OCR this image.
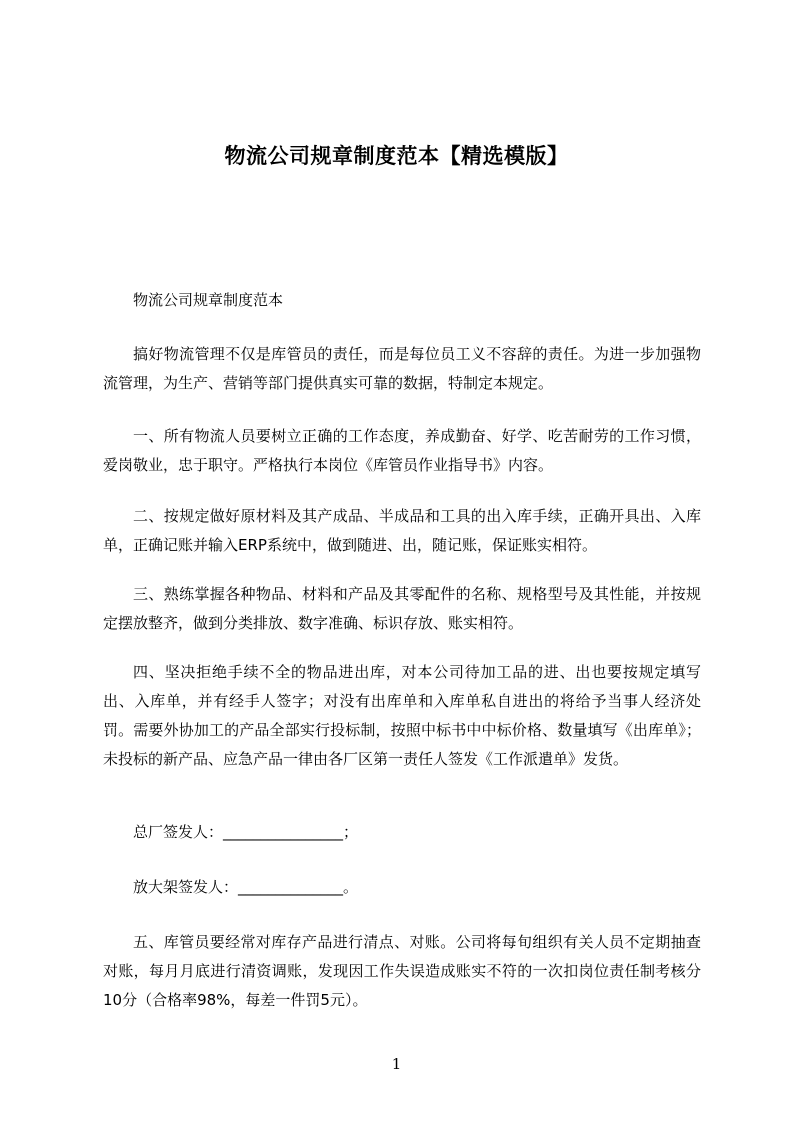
物流公司规章制度范本【精选模版】
物流公司规章制度范本
搞好物流管理不仅是库管员的责任，而是每位员工义不容辞的责任。为进一步加强物流管理，为生产、营销等部门提供真实可靠的数据，特制定本规定。
一、所有物流人员要树立正确的工作态度，养成勤奋、好学、吃苦耐劳的工作习惯，爱岗敬业，忠于职守。严格执行本岗位《库管员作业指导书》内容。
二、按规定做好原材料及其产成品、半成品和工具的出入库手续，正确开具出、入库单，正确记账并输入ERP系统中，做到随进、出，随记账，保证账实相符。
三、熟练掌握各种物品、材料和产品及其零配件的名称、规格型号及其性能，并按规定摆放整齐，做到分类排放、数字准确、标识存放、账实相符。
四、坚决拒绝手续不全的物品进出库，对本公司待加工品的进、出也要按规定填写出、入库单，并有经手人签字；对没有出库单和入库单私自进出的将给予当事人经济处罚。需要外协加工的产品全部实行投标制，按照中标书中中标价格、数量填写《出库单》；未投标的新产品、应急产品一律由各厂区第一责任人签发《工作派遣单》发货。
总厂签发人：________________；
放大架签发人：______________。
五、库管员要经常对库存产品进行清点、对账。公司将每旬组织有关人员不定期抽查对账，每月月底进行清资调账，发现因工作失误造成账实不符的一次扣岗位责任制考核分10分（合格率98%，每差一件罚5元）。
1
